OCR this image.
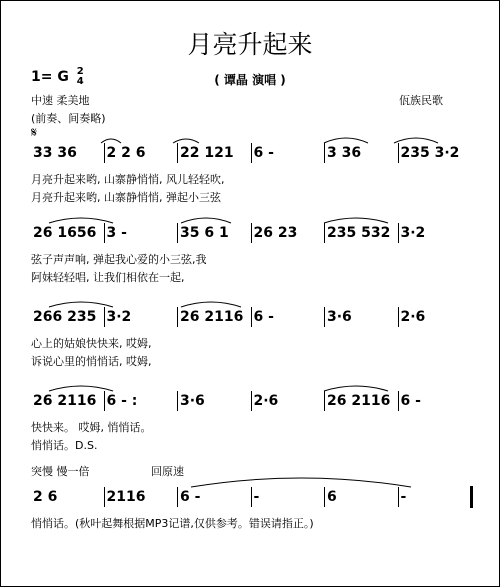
月亮升起来
( 谭晶 演唱 )
1= G 2
4
中速 柔美地
(前奏、间奏略)
佤族民歌
𝄋
33 36	2 2 6	22 121	6 -	3 36	235 3·2
月亮升起来哟, 山寨静悄悄, 风儿轻轻吹,
月亮升起来哟, 山寨静悄悄, 弹起小三弦
26 1656 3 -	35 6 1	26 23	235 532 3·2
弦子声声响, 弹起我心爱的小三弦,我
阿妹轻轻唱, 让我们相依在一起,
266 235 3·2	26 2116 6 -	3·6	2·6
心上的姑娘快快来, 哎姆,
诉说心里的悄悄话, 哎姆,
26 2116 6 - :	3·6	2·6	26 2116 6 -
快快来。 哎姆, 悄悄话。
悄悄话。D.S.
突慢 慢一倍	回原速
2 6	2116	6 -	-	6	-
悄悄话。(秋叶起舞根据MP3记谱,仅供参考。错误请指正。)
